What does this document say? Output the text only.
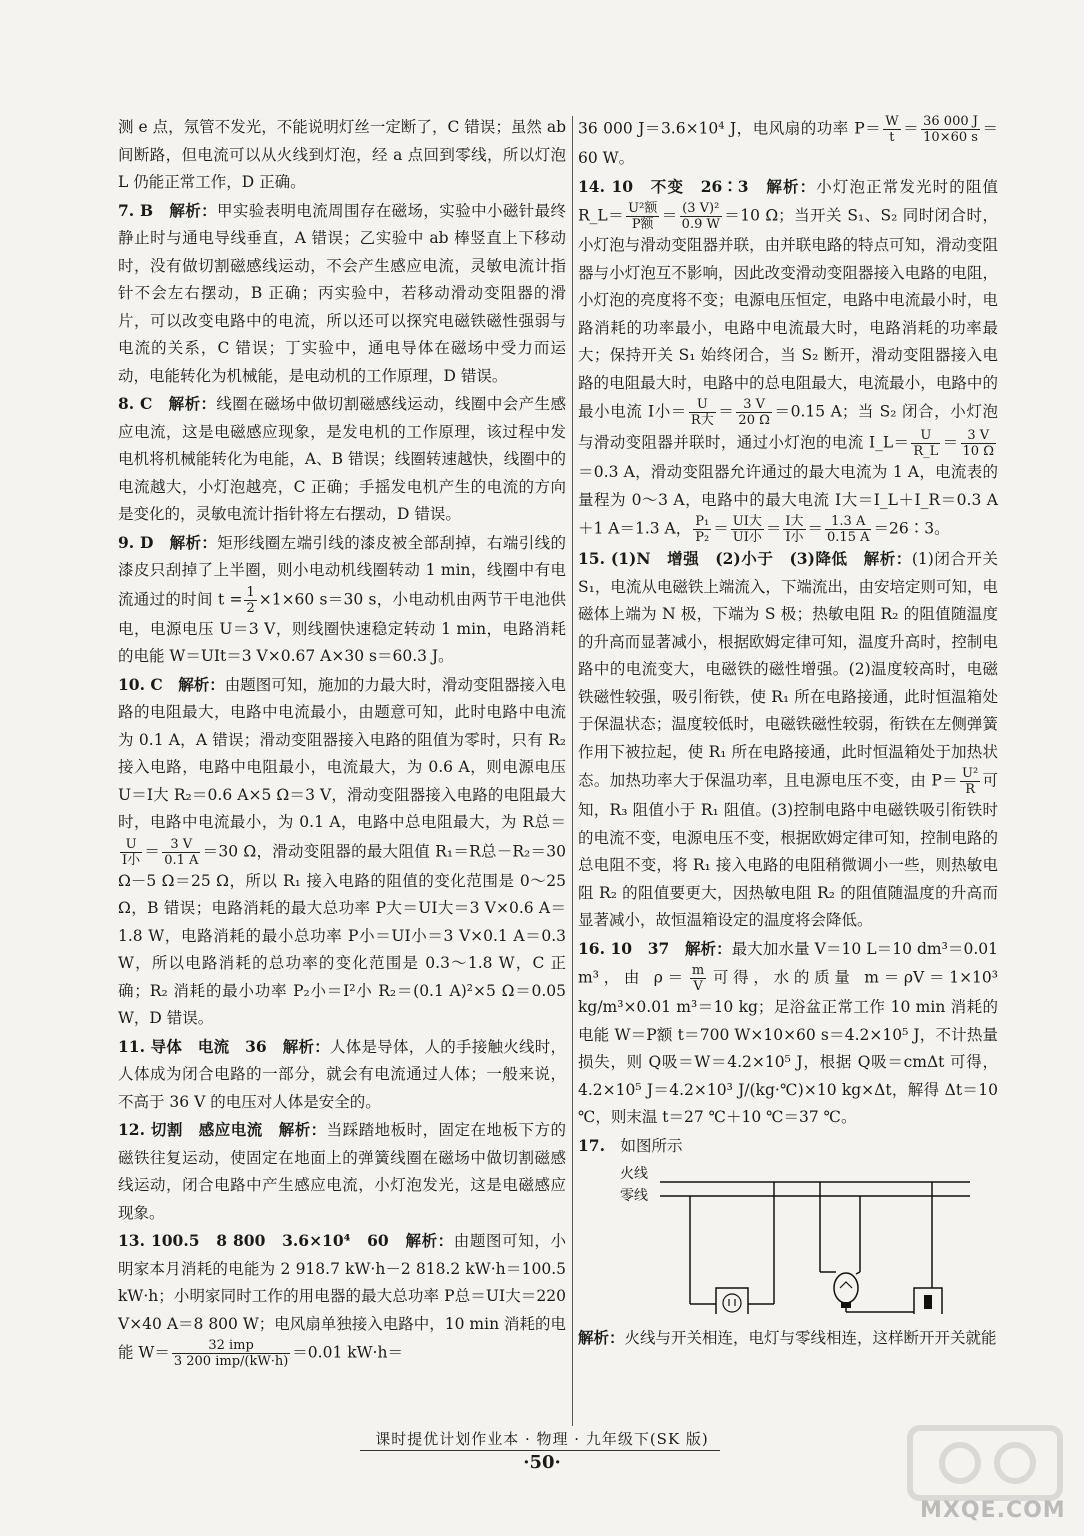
测 e 点，氖管不发光，不能说明灯丝一定断了，C 错误；虽然 ab 间断路，但电流可以从火线到灯泡，经 a 点回到零线，所以灯泡 L 仍能正常工作，D 正确。

7. B　 解析：甲实验表明电流周围存在磁场，实验中小磁针最终静止时与通电导线垂直，A 错误；乙实验中 ab 棒竖直上下移动时，没有做切割磁感线运动，不会产生感应电流，灵敏电流计指针不会左右摆动，B 正确；丙实验中，若移动滑动变阻器的滑片，可以改变电路中的电流，所以还可以探究电磁铁磁性强弱与电流的关系，C 错误；丁实验中，通电导体在磁场中受力而运动，电能转化为机械能，是电动机的工作原理，D 错误。

8. C　 解析：线圈在磁场中做切割磁感线运动，线圈中会产生感应电流，这是电磁感应现象，是发电机的工作原理，该过程中发电机将机械能转化为电能，A、B 错误；线圈转速越快，线圈中的电流越大，小灯泡越亮，C 正确；手摇发电机产生的电流的方向是变化的，灵敏电流计指针将左右摆动，D 错误。

9. D　 解析：矩形线圈左端引线的漆皮被全部刮掉，右端引线的漆皮只刮掉了上半圈，则小电动机线圈转动 1 min，线圈中有电流通过的时间 $t = \frac{1}{2} \times 1\times 60$ s＝30 s，小电动机由两节干电池供电，电源电压 U＝3 V，则线圈快速稳定转动 1 min，电路消耗的电能 W＝UIt＝3 V×0.67 A×30 s＝60.3 J。

10. C　 解析：由题图可知，施加的力最大时，滑动变阻器接入电路的电阻最大，电路中电流最小，由题意可知，此时电路中电流为 0.1 A，A 错误；滑动变阻器接入电路的阻值为零时，只有 R₂ 接入电路，电路中电阻最小，电流最大，为 0.6 A，则电源电压 U＝I大 R₂＝0.6 A×5 Ω＝3 V，滑动变阻器接入电路的电阻最大时，电路中电流最小，为 0.1 A，电路中总电阻最大，为 R总＝
$\frac{U}{\text{I小}} = \frac{3 V}{0.1 A} =30$ Ω，滑动变阻器的最大阻值 R₁＝R总－R₂＝30 Ω－5 Ω＝25 Ω，所以 R₁ 接入电路的阻值的变化范围是 0～25 Ω，B 错误；电路消耗的最大总功率 P大＝UI大＝3 V×0.6 A＝1.8 W，电路消耗的最小总功率 P小＝UI小＝3 V×0.1 A＝0.3 W，所以电路消耗的总功率的变化范围是 0.3～1.8 W，C 正确；R₂ 消耗的最小功率 P₂小＝I²小 R₂＝(0.1 A)²×5 Ω＝0.05 W，D 错误。

11. 导体　电流　36　 解析：人体是导体，人的手接触火线时，人体成为闭合电路的一部分，就会有电流通过人体；一般来说，不高于 36 V 的电压对人体是安全的。

12. 切割　感应电流　 解析：当踩踏地板时，固定在地板下方的磁铁往复运动，使固定在地面上的弹簧线圈在磁场中做切割磁感线运动，闭合电路中产生感应电流，小灯泡发光，这是电磁感应现象。

13. 100.5　8 800　3.6×10⁴　60　 解析：由题图可知，小明家本月消耗的电能为 2 918.7 kW·h－2 818.2 kW·h＝100.5 kW·h；小明家同时工作的用电器的最大总功率 P总＝UI大＝220 V×40 A＝8 800 W；电风扇单独接入电路中，10 min 消耗的电能 $W= \frac{\text{32 imp}}{\text{3 200 imp/(kW·h)}} =0.01$ kW·h＝

36 000 J＝3.6×10⁴ J，电风扇的功率 $P= \frac{W}{t} = \frac{36 000 J}{10\times 60 s} =60$ W。

14. 10　不变　26∶3　 解析：小灯泡正常发光时的阻值 R_L＝ $\frac{\text{U²额}}{\text{P额}} = \frac{\text{(3 V)²}}{0.9 W} =10$ Ω；当开关 S₁、S₂ 同时闭合时，小灯泡与滑动变阻器并联，由并联电路的特点可知，滑动变阻器与小灯泡互不影响，因此改变滑动变阻器接入电路的电阻，小灯泡的亮度将不变；电源电压恒定，电路中电流最小时，电路消耗的功率最小，电路中电流最大时，电路消耗的功率最大；保持开关 S₁ 始终闭合，当 S₂ 断开，滑动变阻器接入电路的电阻最大时，电路中的总电阻最大，电流最小，电路中的最小电流 I小＝ $\frac{U}{\text{R大}} = \frac{3 V}{20 \Omega} =0.15$ A；当 S₂ 闭合，小灯泡与滑动变阻器并联时，通过小灯泡的电流 I_L＝ $\frac{U}{R\_L} = \frac{3 V}{10 \Omega}$
＝0.3 A，滑动变阻器允许通过的最大电流为 1 A，电流表的量程为 0～3 A，电路中的最大电流 I大＝I_L＋I_R＝0.3 A＋1 A＝1.3 A， $\frac{\text{P₁}}{\text{P₂}} = \frac{\text{UI大}}{\text{UI小}} = \frac{\text{I大}}{\text{I小}} = \frac{1.3 A}{0.15 A}$ ＝26∶3。

15. (1)N　增强　(2)小于　(3)降低　 解析：(1)闭合开关 S₁，电流从电磁铁上端流入，下端流出，由安培定则可知，电磁体上端为 N 极，下端为 S 极；热敏电阻 R₂ 的阻值随温度的升高而显著减小，根据欧姆定律可知，温度升高时，控制电路中的电流变大，电磁铁的磁性增强。(2)温度较高时，电磁铁磁性较强，吸引衔铁，使 R₁ 所在电路接通，此时恒温箱处于保温状态；温度较低时，电磁铁磁性较弱，衔铁在左侧弹簧作用下被拉起，使 R₁ 所在电路接通，此时恒温箱处于加热状态。加热功率大于保温功率，且电源电压不变，由 $P= \frac{\text{U²}}{R}$ 可知，R₃ 阻值小于 R₁ 阻值。(3)控制电路中电磁铁吸引衔铁时的电流不变，电源电压不变，根据欧姆定律可知，控制电路的总电阻不变，将 R₁ 接入电路的电阻稍微调小一些，则热敏电阻 R₂ 的阻值要更大，因热敏电阻 R₂ 的阻值随温度的升高而显著减小，故恒温箱设定的温度将会降低。

16. 10　37　 解析：最大加水量 V＝10 L＝10 dm³＝0.01 m³，由 $\rho= \frac{m}{V}$ 可得，水的质量 m＝ρV＝1×10³ kg/m³×0.01 m³＝10 kg；足浴盆正常工作 10 min 消耗的电能 W＝P额 t＝700 W×10×60 s＝4.2×10⁵ J，不计热量损失，则 Q吸＝W＝4.2×10⁵ J，根据 Q吸＝cmΔt 可得，4.2×10⁵ J＝4.2×10³ J/(kg·℃)×10 kg×Δt，解得 Δt＝10 ℃，则末温 t＝27 ℃＋10 ℃＝37 ℃。

17.　 如图所示

火线
零线

解析：火线与开关相连，电灯与零线相连，这样断开开关就能

课时提优计划作业本 · 物理 · 九年级下(SK 版)
·50·
MXQE.COM
